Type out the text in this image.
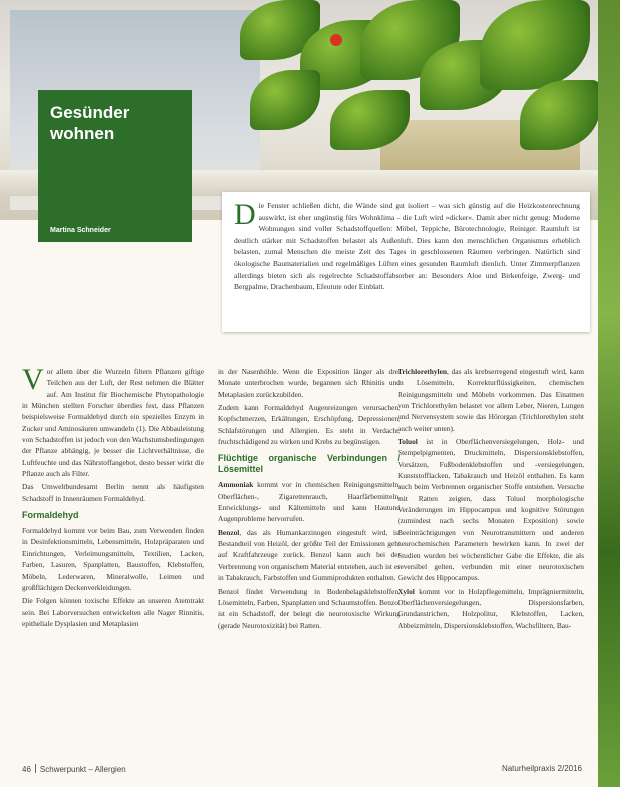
Gesünder wohnen
Martina Schneider	D ie Fenster schließen dicht, die Wände sind gut isoliert – was sich günstig auf die Heizkostenrechnung auswirkt, ist eher ungünstig fürs Wohnklima – die Luft wird »dicker«. Damit aber nicht genug: Moderne Wohnungen sind voller Schadstoffquellen: Möbel, Teppiche, Bürotechnologie, Reiniger. Raumluft ist deutlich stärker mit Schadstoffen belastet als Außenluft. Dies kann den menschlichen Organismus erheblich belasten, zumal Menschen die meiste Zeit des Tages in geschlossenen Räumen verbringen. Natürlich sind ökologische Baumaterialien und regelmäßiges Lüften eines gesunden Raumluft dienlich. Unter Zimmerpflanzen allerdings bieten sich als regelrechte Schadstoffabsorber an: Besonders Aloe und Birkenfeige, Zwerg- und Bergpalme, Drachenbaum, Efeutute oder Einblatt.

Vor allem über die Wurzeln filtern Pflanzen giftige Teilchen aus der Luft, der Rest nehmen die Blätter auf. Am Institut für Biochemische Phytopathologie in München stellten Forscher überdies fest, dass Pflanzen beispielsweise Formaldehyd durch ein spezielles Enzym in Zucker und Aminosäuren umwandeln (1). Die Abbauleistung von Schadstoffen ist jedoch von den Wachstumsbedingungen der Pflanze abhängig, je besser die Lichtverhältnisse, die Luftfeuchte und das Nährstoffangebot, desto besser wirkt die Pflanze auch als Filter.

Das Umweltbundesamt Berlin nennt als häufigsten Schadstoff in Innenräumen Formaldehyd.

Formaldehyd

Formaldehyd kommt vor beim Bau, zum Verwenden finden in Desinfektionsmitteln, Lebensmitteln, Holzpräparaten und Einrichtungen, Verleimungsmitteln, Textilien, Lacken, Farben, Lasuren, Spanplatten, Baustoffen, Klebstoffen, Möbeln, Lederwaren, Mineralwolle, Leimen und großflächigen Deckenverkleidungen.

Die Folgen können toxische Effekte an unseren Atemtrakt sein. Bei Laborversuchen entwickelten alle Nager Rinnitis, epitheliale Dysplasien und Metaplasien

in der Nasenhöhle. Wenn die Exposition länger als drei Monate unterbrochen wurde, begannen sich Rhinitis und Metaplasien zurückzubilden.

Zudem kann Formaldehyd Augenreizungen verursachen, Kopfschmerzen, Erkältungen, Erschöpfung, Depressionen, Schlafstörungen und Allergien. Es steht in Verdacht, fruchtschädigend zu wirken und Krebs zu begünstigen.

Flüchtige organische Verbindungen / Lösemittel

Ammoniak kommt vor in chemischen Reinigungsmitteln, Oberflächen-, Zigarettenrauch, Haarfärbemitteln, Entwicklungs- und Kältemitteln und kann Hautund Augenprobleme hervorrufen.

Benzol, das als Humankarzinogen eingestuft wird, ist Bestandteil von Heizöl, der größte Teil der Emissionen geht auf Kraftfahrzeuge zurück. Benzol kann auch bei der Verbrennung von organischem Material entstehen, auch ist es in Tabakrauch, Farbstoffen und Gummiprodukten enthalten.

Benzol findet Verwendung in Bodenbelagsklebstoffen, Lösemitteln, Farben, Spanplatten und Schaumstoffen. Benzol ist ein Schadstoff, der belegt die neurotoxische Wirkung (gerade Neurotoxizität) bei Ratten.

Trichlorethylen, das als krebserregend eingestuft wird, kann in Lösemitteln, Korrekturflüssigkeiten, chemischen Reinigungsmitteln und Möbeln vorkommen. Das Einatmen von Trichlorethylen belastet vor allem Leber, Nieren, Lungen und Nervensystem sowie das Hörorgan (Trichlorethylen steht auch weiter unten).

Toluol ist in Oberflächenversiegelungen, Holz- und Stempelpigmenten, Druckmitteln, Dispersionsklebstoffen, Vorsätzen, Fußbodenklebstoffen und -versiegelungen, Kunststofflacken, Tabakrauch und Heizöl enthalten. Es kann auch beim Verbrennen organischer Stoffe entstehen. Versuche mit Ratten zeigten, dass Toluol morphologische Veränderungen im Hippocampus und kognitive Störungen (zumindest nach sechs Monaten Exposition) sowie Beeinträchtigungen von Neurotransmittern und anderen neurochemischen Parametern bewirken kann. In zwei der Studien wurden bei wöchentlicher Gabe die Effekte, die als reversibel gelten, verbunden mit einer neurotoxischen Gewicht des Hippocampus.

Xylol kommt vor in Holzpflegemitteln, Imprägniermitteln, Oberflächenversiegelungen, Dispersionsfarben, Grundanstrichen, Holzpolitur, Klebstoffen, Lacken, Abbeizmitteln, Dispersionsklebstoffen, Wachsfiltern, Bau-

46 Schwerpunkt – Allergien	Naturheilpraxis 2/2016
